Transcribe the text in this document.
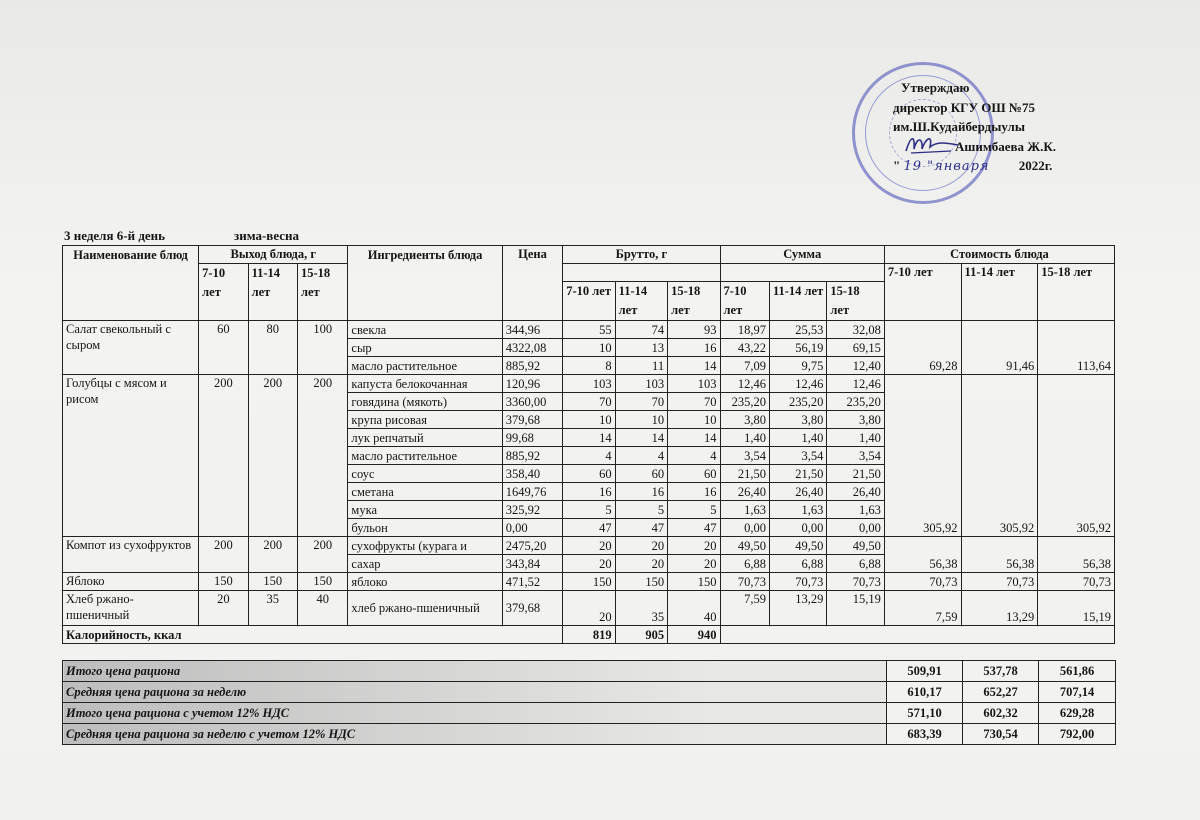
Утверждаю
директор КГУ ОШ №75
им.Ш.Кудайбердыулы
Ашимбаева Ж.К.
" 19 "января 2022г.
3 неделя 6-й день	зима-весна
Наименование блюд	Выход блюда, г			Ингредиенты блюда	Цена	Брутто, г			Сумма			Стоимость блюда		
	7-10 лет	11-14 лет	15-18 лет									7-10 лет	11-14 лет	15-18 лет
						7-10 лет	11-14 лет	15-18 лет	7-10 лет	11-14 лет	15-18 лет			
Салат свекольный с сыром	60	80	100	свекла	344,96	55	74	93	18,97	25,53	32,08	69,28	91,46	113,64
				сыр	4322,08	10	13	16	43,22	56,19	69,15			
				масло растительное	885,92	8	11	14	7,09	9,75	12,40			
Голубцы с мясом и рисом	200	200	200	капуста белокочанная	120,96	103	103	103	12,46	12,46	12,46	305,92	305,92	305,92
				говядина (мякоть)	3360,00	70	70	70	235,20	235,20	235,20			
				крупа рисовая	379,68	10	10	10	3,80	3,80	3,80			
				лук репчатый	99,68	14	14	14	1,40	1,40	1,40			
				масло растительное	885,92	4	4	4	3,54	3,54	3,54			
				соус	358,40	60	60	60	21,50	21,50	21,50			
				сметана	1649,76	16	16	16	26,40	26,40	26,40			
				мука	325,92	5	5	5	1,63	1,63	1,63			
				бульон	0,00	47	47	47	0,00	0,00	0,00			
Компот из сухофруктов	200	200	200	сухофрукты (курага и	2475,20	20	20	20	49,50	49,50	49,50	56,38	56,38	56,38
				сахар	343,84	20	20	20	6,88	6,88	6,88			
Яблоко	150	150	150	яблоко	471,52	150	150	150	70,73	70,73	70,73	70,73	70,73	70,73
Хлеб ржано-пшеничный	20	35	40	хлеб ржано-пшеничный	379,68	20	35	40	7,59	13,29	15,19	7,59	13,29	15,19
Калорийность, ккал						819	905	940						
Итого цена рациона	509,91	537,78	561,86
Средняя цена рациона за неделю	610,17	652,27	707,14
Итого цена рациона с учетом 12% НДС	571,10	602,32	629,28
Средняя цена рациона за неделю с учетом 12% НДС	683,39	730,54	792,00
